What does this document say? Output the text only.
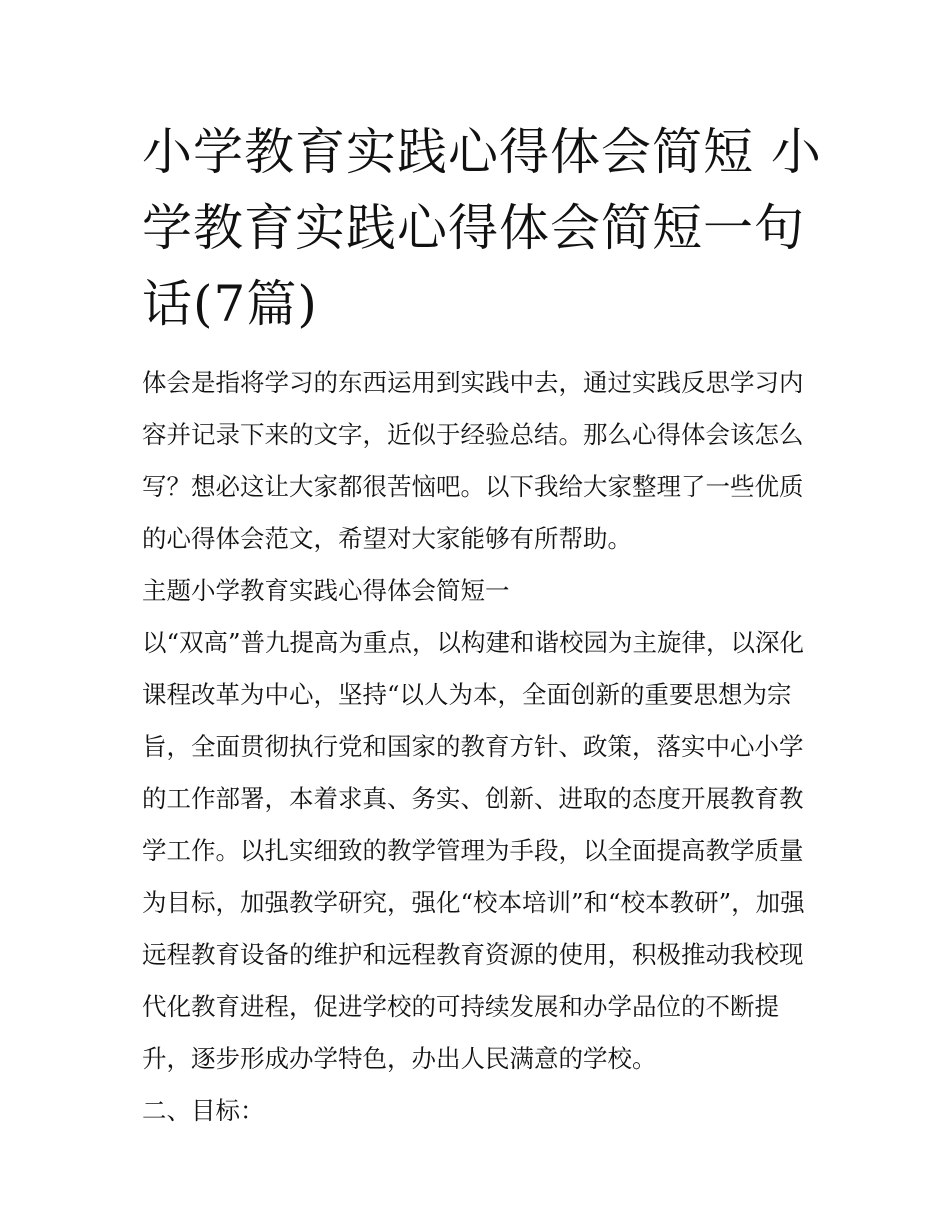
小学教育实践心得体会简短 小学教育实践心得体会简短一句话(7篇)

体会是指将学习的东西运用到实践中去，通过实践反思学习内容并记录下来的文字，近似于经验总结。那么心得体会该怎么写？想必这让大家都很苦恼吧。以下我给大家整理了一些优质的心得体会范文，希望对大家能够有所帮助。

主题小学教育实践心得体会简短一

以“双高”普九提高为重点，以构建和谐校园为主旋律，以深化课程改革为中心，坚持“以人为本，全面创新的重要思想为宗旨，全面贯彻执行党和国家的教育方针、政策，落实中心小学的工作部署，本着求真、务实、创新、进取的态度开展教育教学工作。以扎实细致的教学管理为手段，以全面提高教学质量为目标，加强教学研究，强化“校本培训”和“校本教研”，加强远程教育设备的维护和远程教育资源的使用，积极推动我校现代化教育进程，促进学校的可持续发展和办学品位的不断提升，逐步形成办学特色，办出人民满意的学校。

二、目标：
